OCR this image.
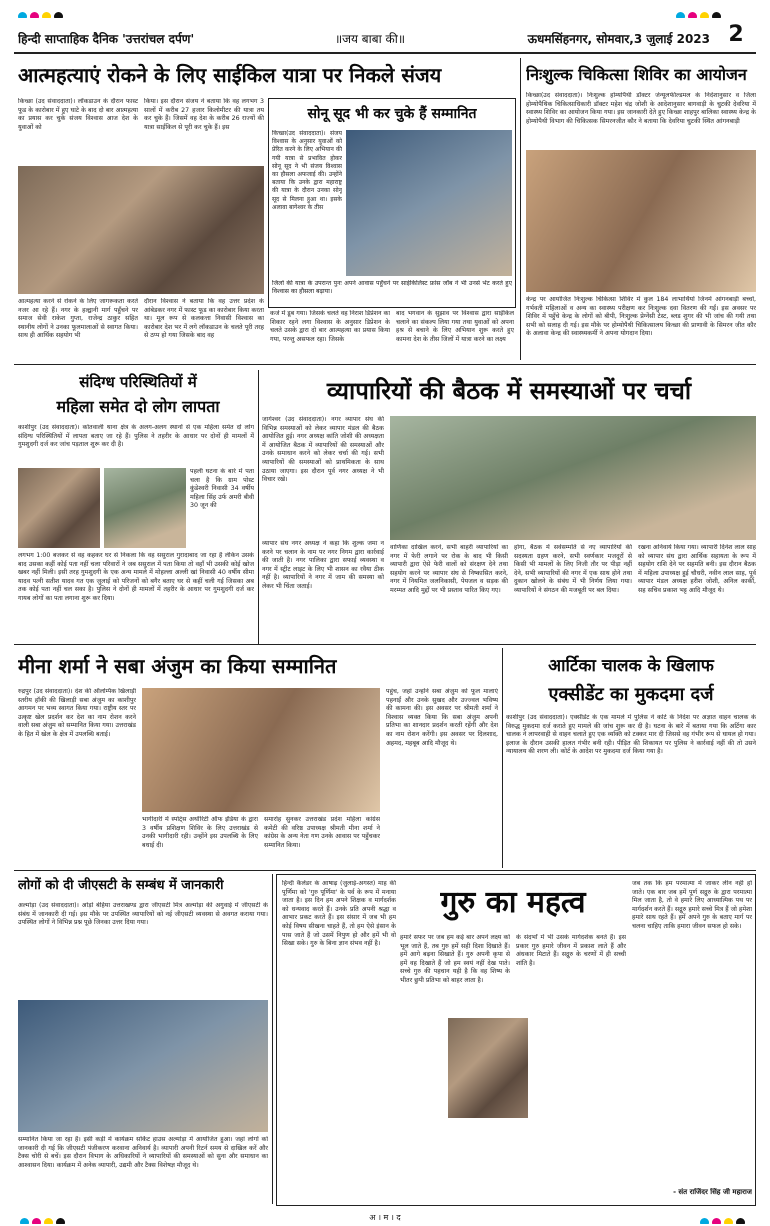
हिन्दी साप्ताहिक दैनिक 'उत्तरांचल दर्पण'	॥जय बाबा की॥	ऊधमसिंहनगर, सोमवार,3 जुलाई 2023 2
आत्महत्याएं रोकने के लिए साईकिल यात्रा पर निकले संजय
किच्छा (उद संवाददाता)। लॉकडाउन के दौरान फास्ट फूड के कारोबार में हुए घाटे के बाद दो बार आत्महत्या का प्रयास कर चुके संजय विश्वास आज देश के युवाओं को
किया। इस दौरान संजय ने बताया कि वह लगभग 3 सालों में करीब 27 हजार किलोमीटर की यात्रा तय कर चुके हैं। जिसमें वह देश के करीब 26 राज्यों की यात्रा साईकिल से पूरी कर चुके हैं। इस
आत्महत्या करने से रोकने के लिए जागरूकता करते नजर आ रहे हैं। नगर के हल्द्वानी मार्ग पहुँचने पर समाज सेवी राकेश गुप्ता, राजेन्द्र ठाकुर सहित स्थानीय लोगों ने उनका फूलमालाओं से स्वागत किया। साथ ही आर्थिक सहयोग भी
दौरान विश्वास ने बताया कि वह उत्तर प्रदेश के आंबेडकर नगर में फास्ट फूड का कारोबार किया करता था। मूल रूप से कलकत्ता निवासी विश्वास का कारोबार देश भर में लगे लॉकडाउन के चलते पूरी तरह से ठप्प हो गया जिसके बाद वह
कर्ज में डूब गया। जिसके चलते वह निराश डिप्रेशन का शिकार रहने लगा विश्वास के अनुसार डिप्रेशन के चलते उसके द्वारा दो बार आत्महत्या का प्रयास किया गया, परन्तु असफल रहा। जिसके
बाद भगवान के सुझाव पर विश्वास द्वारा साईकिल चलाने का संकल्प लिया गया तथा युवाओं को अपना हश्र से बचाने के लिए अभियान शुरू करते हुए कामना देश के तीस जिलों में यात्रा करने का लक्ष्य
सोनू सूद भी कर चुके हैं सम्मानित
किच्छा(उद संवाददाता)। संजय विश्वास के अनुसार युवाओं को प्रेरित करने के लिए अभियान की गयी यात्रा से प्रभावित होकर सोनू सूद ने भी संजय विश्वास का हौसला अफजाई की। उन्होंने बताया कि उनके द्वारा महाराष्ट्र की यात्रा के दौरान उनका सोनू सूद से मिलना हुआ था। इसके अलावा बागेश्वर के तीस
जिलों की यात्रा के उपरान्त पुनः अपने आवास पहुँचने पर साईकिलिस्ट फ्रांस जॉब ने भी उनसे भेंट करते हुए विश्वास का हौसला बढ़ाया।
निःशुल्क चिकित्सा शिविर का आयोजन
किच्छा(उद संवाददाता)। निःशुल्क होम्योपैथी डॉक्टर जेन्यूलफील्डमल के निर्देशानुसार व जिला होम्योपैथिक चिकित्साधिकारी डॉक्टर महेश चंद्र जोशी के आदेशानुसार बागवाड़ी के चुटकी देवरिया में स्वास्थ्य शिविर का आयोजन किया गया। इस जानकारी देते हुए किच्छा शाहपुर बालिका स्वास्थ्य केन्द्र के होम्योपैथी विभाग की चिकित्सक सिमरनजीत कौर ने बताया कि देवरिया चुटकी स्थित आंगनबाड़ी
केन्द्र पर आयोजित निःशुल्क चिकित्सा शिविर में कुल 184 लाभार्थियों जिनमें आंगनबाड़ी बच्चों, गर्भवती महिलाओं व अन्य का स्वास्थ्य परीक्षण कर निःशुल्क दवा वितरण की गईं। इस अवसर पर शिविर में पहुँचे केन्द्र के लोगों को बीपी, निःशुल्क प्रेग्नेंसी टेस्ट, ब्लड शुगर की भी जांच की गयी तथा सभी को सलाह दी गई। इस मौके पर होम्योपैथी चिकित्सालय किच्छा की प्राणावी के सिमरन जीत कौर के अलावा केन्द्र की स्वास्थ्यकर्मी ने अपना योगदान दिया।
संदिग्ध परिस्थितियों में
महिला समेत दो लोग लापता
काशीपुर (उद संवाददाता)। कोतवाली थाना क्षेत्र के अलग-अलग स्थानों से एक महिला समेत दो लोग संदिग्ध परिस्थितियों में लापता बताए जा रहे हैं। पुलिस ने तहरीर के आधार पर दोनों ही मामलों में गुमशुदगी दर्ज कर जांच पड़ताल शुरू कर दी है।
पहली घटना के बारे में पता चला है कि ग्राम पोस्ट कुंडेश्वरी निवासी 34 वर्षीय महिला सिंह उर्फ अमरी बीवी 30 जून की
लगभग 1:00 बजकर से वह कहकर घर से निकला कि वह ससुराल गुरादाबाद जा रहा है लेकिन उसके बाद उसका कहीं कोई पता नहीं चला परिवारों ने जब ससुराल में पता किया तो वहाँ भी उसकी कोई खोज खबर नहीं मिली। इसी तरह गुमशुदगी के एक अन्य मामले में मोहल्ला अल्ली खां निवासी 40 वर्षीय सीमा यादव पत्नी सतीश यादव गत एक जुलाई को परिजनों को बगैर बताए घर से कहीं चली गई जिसका अब तक कोई पता नहीं चल सका है। पुलिस ने दोनों ही मामलों में तहरीर के आधार पर गुमशुदगी दर्ज कर गायब लोगों का पता लगाना शुरू कर दिया।
व्यापारियों की बैठक में समस्याओं पर चर्चा
जागेश्वर (उद संवाददाता)। नगर व्यापार संघ की विभिन्न समस्याओं को लेकर व्यापार मंडल की बैठक आयोजित हुई। नगर अध्यक्ष कांति जोशी की अध्यक्षता में आयोजित बैठक में व्यापारियों की समस्याओं और उनके समाधान करने को लेकर चर्चा की गई। सभी व्यापारियों की समस्याओं को प्राथमिकता के साथ उठाया जाएगा। इस दौरान पूर्व नगर अध्यक्ष ने भी विचार रखे।
व्यापार संघ नगर अध्यक्ष ने कहा कि शुल्क जमा न करने पर चलान के नाम पर नगर निगम द्वारा कार्रवाई की जाती है। नगर पालिका द्वारा सफाई व्यवस्था व नगर में स्ट्रीट लाइट के लिए भी शासन का रवैया ठीक नहीं है। व्यापारियों ने नगर में जाम की समस्या को लेकर भी चिंता जताई।
वाणिका दाखिल करने, सभी बाहरी व्यापारियों का नगर में फेरी लगाने पर रोक के बाद भी किसी व्यापारी द्वारा ऐसे फेरी वालों को संरक्षण देने तथा सहयोग करने पर व्यापार संघ से निष्कासित करने, नगर में नियमित जलनिकासी, पेयजल व सड़क की मरम्मत आदि मुद्दों पर भी प्रस्ताव पारित किए गए।
होगा, बैठक में सर्वसम्मति से नए व्यापारियों की सदस्यता ग्रहण करने, सभी स्वर्णकार मजदूरों से किसी भी मामलों के लिए निजी तौर पर पीड़ा नहीं देने, सभी व्यापारियों की नगर में एक साथ होने तथा दुकान खोलने के संबंध में भी निर्णय लिया गया। व्यापारियों ने संगठन की मजबूती पर बल दिया।
रखना अनिवार्य किया गया। व्यापारी दिनेश लाल साह को व्यापार संघ द्वारा आर्थिक सहायता के रूप में सहयोग राशि देने पर सहमति बनी। इस दौरान बैठक में महिला उपाध्यक्ष हुई चौधरी, नवीन लाल साह, पूर्व व्यापार मंडल अध्यक्ष हरीश जोशी, अनिल कार्की, सह सचिव प्रकाश भट्ट आदि मौजूद थे।
मीना शर्मा ने सबा अंजुम का किया सम्मानित
रुद्रपुर (उद संवाददाता)। देश की ऑलम्पिक खिलाड़ी स्तरीय हॉकी की खिलाड़ी सबा अंजुम का काशीपुर आगमन पर भव्य स्वागत किया गया। राष्ट्रीय स्तर पर उत्कृष्ट खेल प्रदर्शन कर देश का नाम रोशन करने वाली सबा अंजुम को सम्मानित किया गया। उत्तराखंड के हित में खेल के क्षेत्र में उपलब्धि बताई।
भागीदारी में स्पोर्ट्स अथॉरिटी ऑफ इंडिया के द्वारा 3 वर्षीय प्रशिक्षण शिविर के लिए उत्तराखंड से उनकी भागीदारी रही। उन्होंने इस उपलब्धि के लिए बधाई दी।
समारोह सुनकर उत्तराखंड प्रदेश महिला कांग्रेस कमेटी की वरिष्ठ उपाध्यक्ष श्रीमती मीना शर्मा ने कांग्रेस के अन्य नेता गण उनके आवास पर पहुँचकर सम्मानित किया।
पहुंच, जहां उन्होंने सबा अंजुम को फूल मालाएं पहनाईं और उनके सुखद और उज्ज्वल भविष्य की कामना की। इस अवसर पर श्रीमती शर्मा ने विश्वास व्यक्त किया कि सबा अंजुम अपनी प्रतिभा का शानदार प्रदर्शन करती रहेंगी और देश का नाम रोशन करेंगी। इस अवसर पर दिलशाद, अहमद, महबूब आदि मौजूद थे।
आर्टिका चालक के खिलाफ
एक्सीडेंट का मुकदमा दर्ज
काशीपुर (उद संवाददाता)। एक्सीडेंट के एक मामले में पुलिस ने कोर्ट के निर्देश पर अज्ञात वाहन चालक के विरुद्ध मुकदमा दर्ज कराते हुए मामले की जांच शुरू कर दी है। घटना के बारे में बताया गया कि अर्टिगा कार चालक ने लापरवाही से वाहन चलाते हुए एक व्यक्ति को टक्कर मार दी जिससे वह गंभीर रूप से घायल हो गया। इलाज के दौरान उसकी हालत गंभीर बनी रही। पीड़ित की शिकायत पर पुलिस ने कार्रवाई नहीं की तो उसने न्यायालय की शरण ली। कोर्ट के आदेश पर मुकदमा दर्ज किया गया है।
लोगों को दी जीएसटी के सम्बंध में जानकारी
अल्मोड़ा (उद संवाददाता)। ओड़ो बेहिया उत्तराखण्ड द्वारा जीएसटी मित्र अल्मोड़ा की अगुवाई में जीएसटी के संबंध में जानकारी दी गई। इस मौके पर उपस्थित व्यापारियों को नई जीएसटी व्यवस्था से अवगत कराया गया। उपस्थित लोगों ने विभिन्न प्रश्न पूछे जिनका उत्तर दिया गया।
सम्मानित किया जा रहा है। इसी कड़ी में कार्यक्रम सर्किट हाउस अल्मोड़ा में आयोजित हुआ। जहां लोगों को जानकारी दी गई कि जीएसटी पंजीकरण करवाना अनिवार्य है। व्यापारी अपनी रिटर्न समय से दाखिल करें और टैक्स चोरी से बचें। इस दौरान विभाग के अधिकारियों ने व्यापारियों की समस्याओं को सुना और समाधान का आश्वासन दिया। कार्यक्रम में अनेक व्यापारी, उद्यमी और टैक्स विशेषज्ञ मौजूद थे।
हिन्दी कैलेंडर के आषाढ़ (जुलाई-अगस्त) माह की पूर्णिमा को 'गुरु पूर्णिमा' के पर्व के रूप में मनाया जाता है। इस दिन हम अपने शिक्षक व मार्गदर्शक को धन्यवाद करते हैं। उनके प्रति अपनी श्रद्धा व आभार प्रकट करते हैं। इस संसार में जब भी हम कोई विषय सीखना चाहते हैं, तो हम ऐसे इंसान के पास जाते हैं जो उसमें निपुण हो और हमें भी वो सिखा सके। गुरु के बिना ज्ञान संभव नहीं है।
गुरु का महत्व
हमारे सफर पर जब हम कई बार अपने लक्ष्य को भूल जाते हैं, तब गुरु हमें सही दिशा दिखाते हैं। हमें आगे बढ़ना सिखाते हैं। गुरु अपनी कृपा से हमें वह दिखाते हैं जो हम स्वयं नहीं देख पाते। सच्चे गुरु की पहचान यही है कि वह शिष्य के भीतर छुपी प्रतिभा को बाहर लाता है।
के संदर्भों में भी उसके मार्गदर्शक बनते हैं। इस प्रकार गुरु हमारे जीवन में प्रकाश लाते हैं और अंधकार मिटाते हैं। सद्गुरु के चरणों में ही सच्ची शांति है।
जब तक कि हम परमात्मा में जाकर लीन नहीं हो जाते। एक बार जब हमें पूर्ण सद्गुरु के द्वारा परमात्मा मिल जाता है, तो वे हमारे लिए आध्यात्मिक पथ पर मार्गदर्शन करते हैं। सद्गुरु हमारे सच्चे मित्र हैं जो हमेशा हमारे साथ रहते हैं। हमें अपने गुरु के बताए मार्ग पर चलना चाहिए ताकि हमारा जीवन सफल हो सके।
- संत राजिंदर सिंह जी महाराज
अ । म । द
